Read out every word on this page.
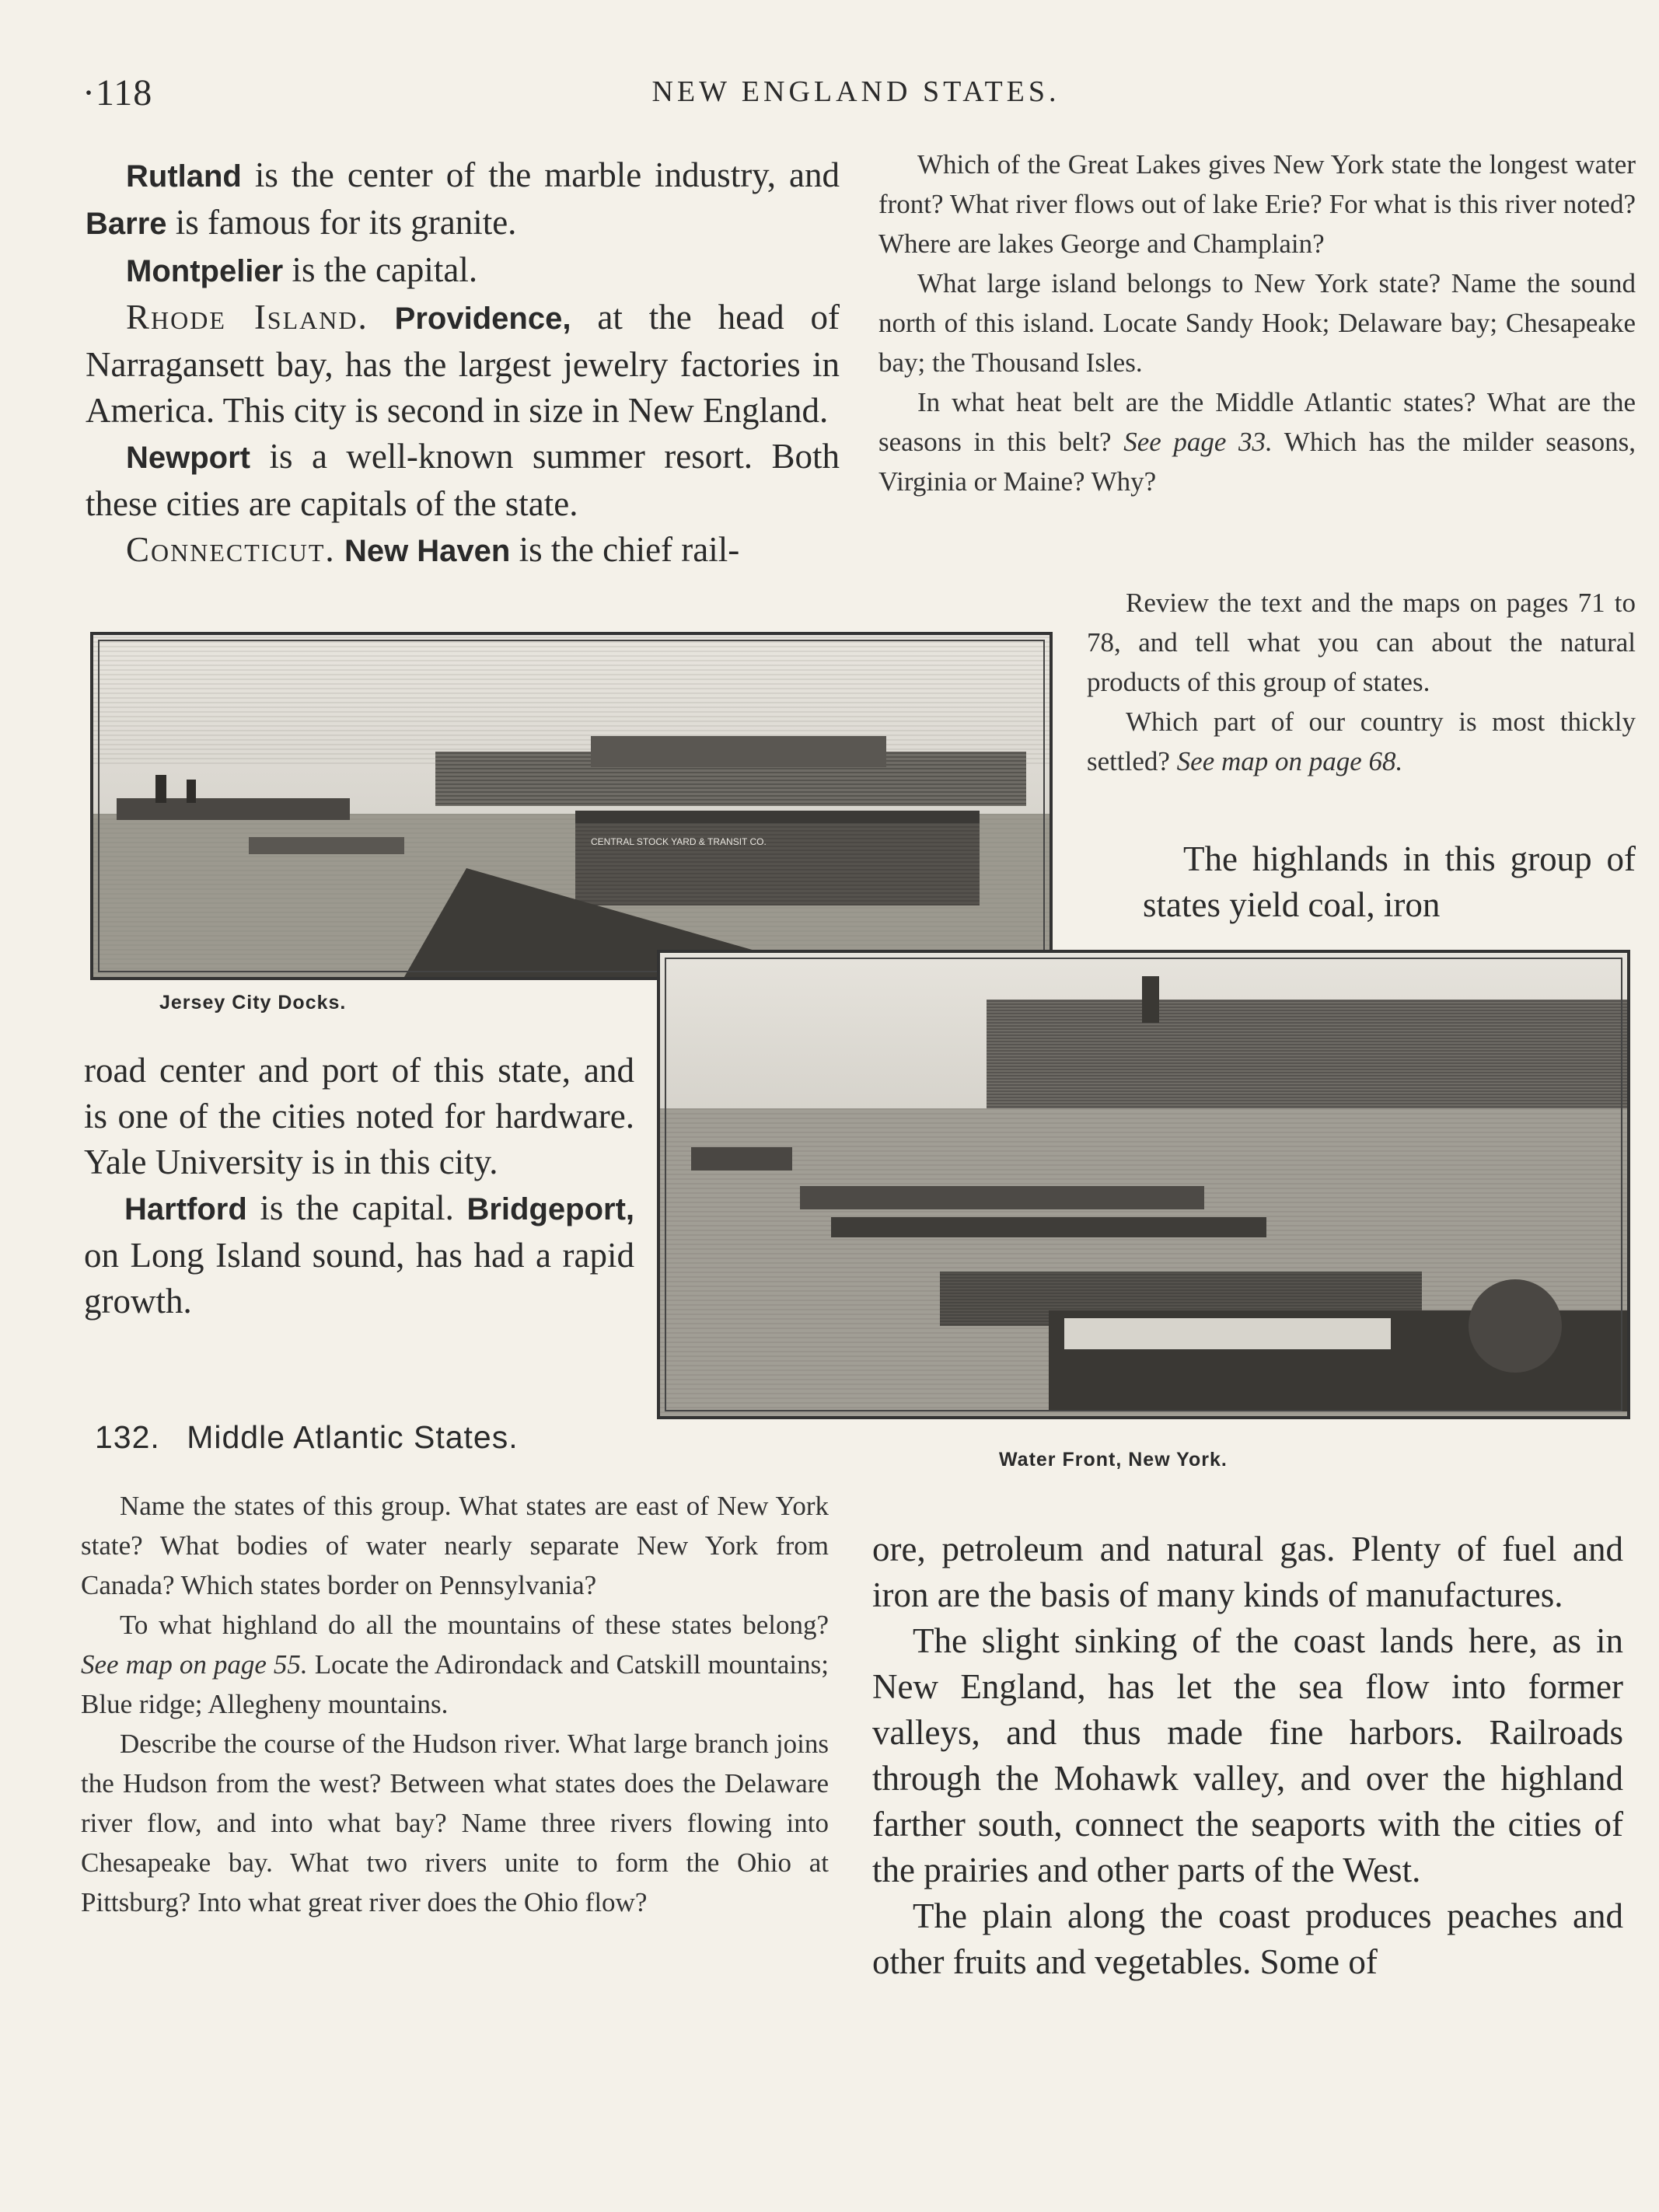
·118	NEW ENGLAND STATES.

Rutland is the center of the marble industry, and Barre is famous for its granite.

Montpelier is the capital.

Rhode Island. Providence, at the head of Narragansett bay, has the largest jewelry factories in America. This city is second in size in New England.

Newport is a well-known summer resort. Both these cities are capitals of the state.

Connecticut. New Haven is the chief rail-

Which of the Great Lakes gives New York state the longest water front? What river flows out of lake Erie? For what is this river noted? Where are lakes George and Champlain?

What large island belongs to New York state? Name the sound north of this island. Locate Sandy Hook; Delaware bay; Chesapeake bay; the Thousand Isles.

In what heat belt are the Middle Atlantic states? What are the seasons in this belt? See page 33. Which has the milder seasons, Virginia or Maine? Why?

Review the text and the maps on pages 71 to 78, and tell what you can about the natural products of this group of states.

Which part of our country is most thickly settled? See map on page 68.

The highlands in this group of states yield coal, iron

CENTRAL STOCK YARD & TRANSIT CO.
Jersey City Docks.
Water Front, New York.

road center and port of this state, and is one of the cities noted for hardware. Yale University is in this city.

Hartford is the capital. Bridgeport, on Long Island sound, has had a rapid growth.

132. Middle Atlantic States.

Name the states of this group. What states are east of New York state? What bodies of water nearly separate New York from Canada? Which states border on Pennsylvania?

To what highland do all the mountains of these states belong? See map on page 55. Locate the Adirondack and Catskill mountains; Blue ridge; Allegheny mountains.

Describe the course of the Hudson river. What large branch joins the Hudson from the west? Between what states does the Delaware river flow, and into what bay? Name three rivers flowing into Chesapeake bay. What two rivers unite to form the Ohio at Pittsburg? Into what great river does the Ohio flow?

ore, petroleum and natural gas. Plenty of fuel and iron are the basis of many kinds of manufactures.

The slight sinking of the coast lands here, as in New England, has let the sea flow into former valleys, and thus made fine harbors. Railroads through the Mohawk valley, and over the highland farther south, connect the seaports with the cities of the prairies and other parts of the West.

The plain along the coast produces peaches and other fruits and vegetables. Some of
